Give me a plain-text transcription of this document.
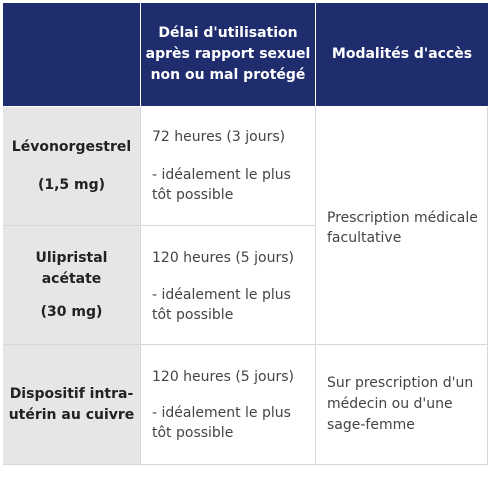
Délai d'utilisation
après rapport sexuel
non ou mal protégé
Modalités d'accès

Lévonorgestrel

(1,5 mg)

72 heures (3 jours)

- idéalement le plus

tôt possible

Ulipristal

acétate

(30 mg)

120 heures (5 jours)

- idéalement le plus

tôt possible

Prescription médicale

facultative

Dispositif intra-

utérin au cuivre

120 heures (5 jours)

- idéalement le plus

tôt possible

Sur prescription d'un

médecin ou d'une

sage-femme
